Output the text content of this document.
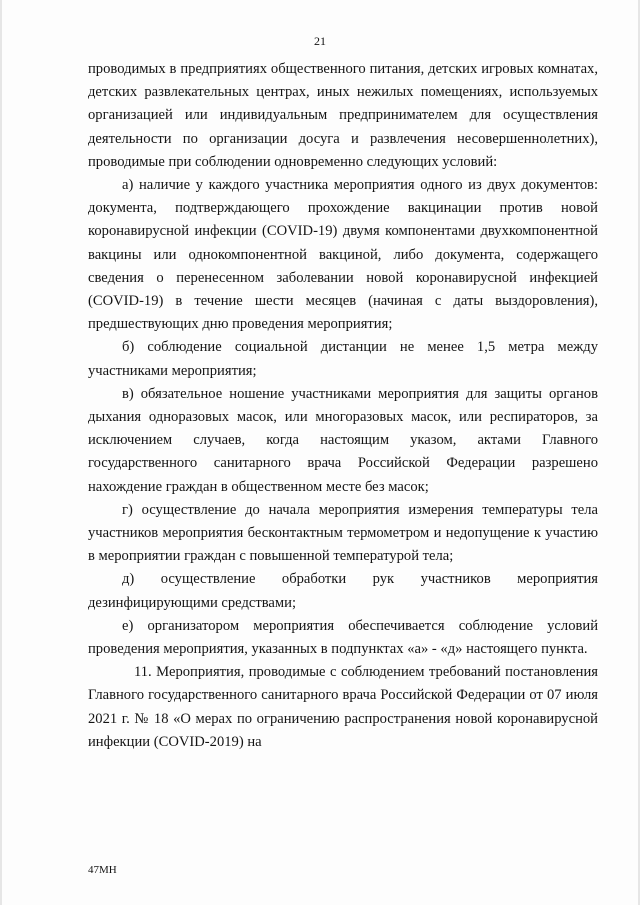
21

проводимых в предприятиях общественного питания, детских игровых комнатах, детских развлекательных центрах, иных нежилых помещениях, используемых организацией или индивидуальным предпринимателем для осуществления деятельности по организации досуга и развлечения несовершеннолетних), проводимые при соблюдении одновременно следующих условий:

а) наличие у каждого участника мероприятия одного из двух документов: документа, подтверждающего прохождение вакцинации против новой коронавирусной инфекции (COVID-19) двумя компонентами двухкомпонентной вакцины или однокомпонентной вакциной, либо документа, содержащего сведения о перенесенном заболевании новой коронавирусной инфекцией (COVID-19) в течение шести месяцев (начиная с даты выздоровления), предшествующих дню проведения мероприятия;

б) соблюдение социальной дистанции не менее 1,5 метра между участниками мероприятия;

в) обязательное ношение участниками мероприятия для защиты органов дыхания одноразовых масок, или многоразовых масок, или респираторов, за исключением случаев, когда настоящим указом, актами Главного государственного санитарного врача Российской Федерации разрешено нахождение граждан в общественном месте без масок;

г) осуществление до начала мероприятия измерения температуры тела участников мероприятия бесконтактным термометром и недопущение к участию в мероприятии граждан с повышенной температурой тела;

д) осуществление обработки рук участников мероприятия дезинфицирующими средствами;

е) организатором мероприятия обеспечивается соблюдение условий проведения мероприятия, указанных в подпунктах «а» - «д» настоящего пункта.

11. Мероприятия, проводимые с соблюдением требований постановления Главного государственного санитарного врача Российской Федерации от 07 июля 2021 г. № 18 «О мерах по ограничению распространения новой коронавирусной инфекции (COVID-2019) на

47МН
